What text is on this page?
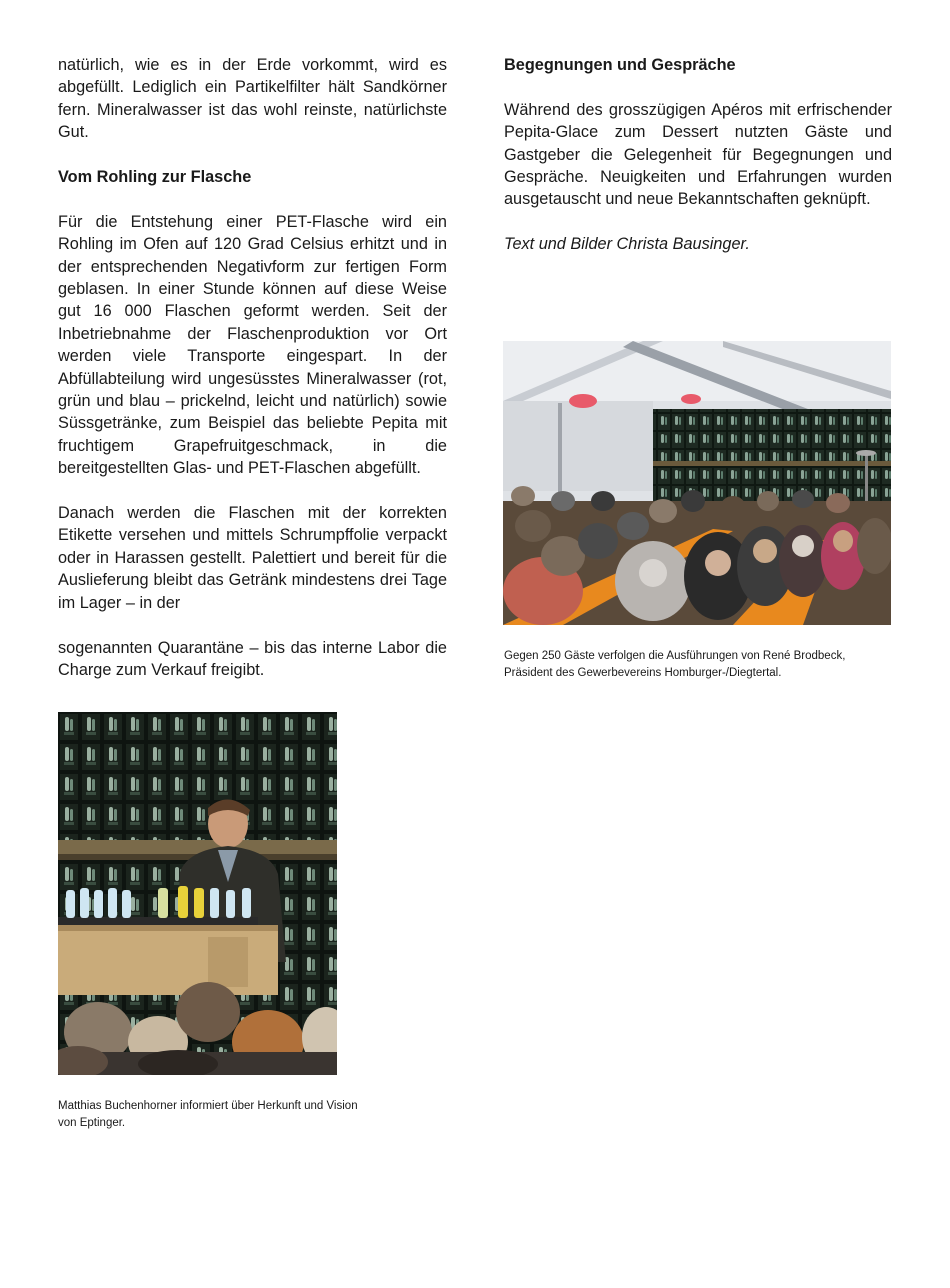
natürlich, wie es in der Erde vorkommt, wird es abgefüllt. Lediglich ein Partikelfilter hält Sandkörner fern. Mineralwasser ist das wohl reinste, natürlichste Gut.

Vom Rohling zur Flasche

Für die Entstehung einer PET-Flasche wird ein Rohling im Ofen auf 120 Grad Celsius erhitzt und in der entsprechenden Negativform zur fertigen Form geblasen. In einer Stunde können auf diese Weise gut 16 000 Flaschen geformt werden. Seit der Inbetriebnahme der Flaschenproduktion vor Ort werden viele Transporte eingespart. In der Abfüllabteilung wird ungesüsstes Mineralwasser (rot, grün und blau – prickelnd, leicht und natürlich) sowie Süssgetränke, zum Beispiel das beliebte Pepita mit fruchtigem Grapefruitgeschmack, in die bereitgestellten Glas- und PET-Flaschen abgefüllt.

Danach werden die Flaschen mit der korrekten Etikette versehen und mittels Schrumpffolie verpackt oder in Harassen gestellt. Palettiert und bereit für die Auslieferung bleibt das Getränk mindestens drei Tage im Lager – in der

sogenannten Quarantäne – bis das interne Labor die Charge zum Verkauf freigibt.

Matthias Buchenhorner informiert über Herkunft und Vision von Eptinger.

Begegnungen und Gespräche

Während des grosszügigen Apéros mit erfrischender Pepita-Glace zum Dessert nutzten Gäste und Gastgeber die Gelegenheit für Begegnungen und Gespräche. Neuigkeiten und Erfahrungen wurden ausgetauscht und neue Bekanntschaften geknüpft.

Text und Bilder Christa Bausinger.

Gegen 250 Gäste verfolgen die Ausführungen von René Brodbeck,

Präsident des Gewerbevereins Homburger-/Diegtertal.
